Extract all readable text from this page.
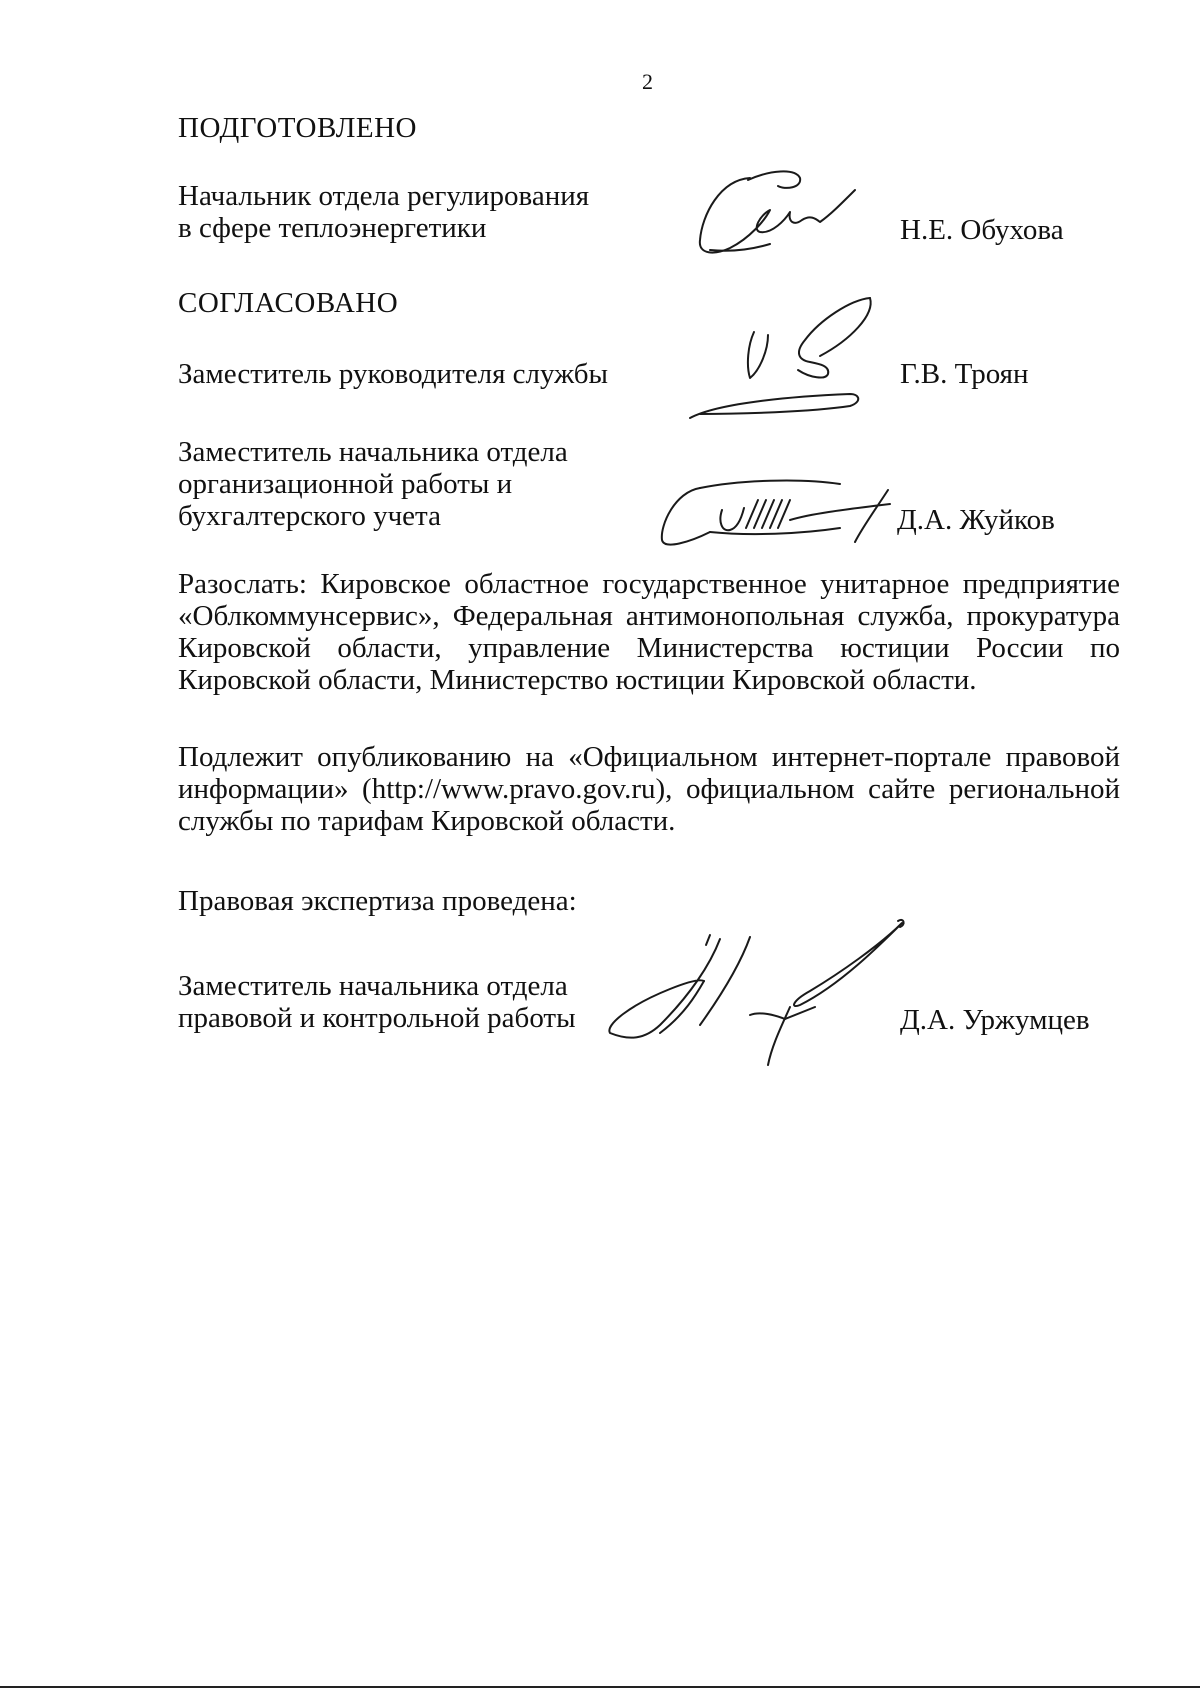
2
ПОДГОТОВЛЕНО
Начальник отдела регулирования
в сфере теплоэнергетики	Н.Е. Обухова
СОГЛАСОВАНО
Заместитель руководителя службы	Г.В. Троян
Заместитель начальника отдела
организационной работы и
бухгалтерского учета	Д.А. Жуйков
Разослать: Кировское областное государственное унитарное предприятие
«Облкоммунсервис», Федеральная антимонопольная служба, прокуратура
Кировской области, управление Министерства юстиции России по
Кировской области, Министерство юстиции Кировской области.
Подлежит опубликованию на «Официальном интернет-портале правовой
информации» (http://www.pravo.gov.ru), официальном сайте региональной
службы по тарифам Кировской области.
Правовая экспертиза проведена:
Заместитель начальника отдела
правовой и контрольной работы	Д.А. Уржумцев
